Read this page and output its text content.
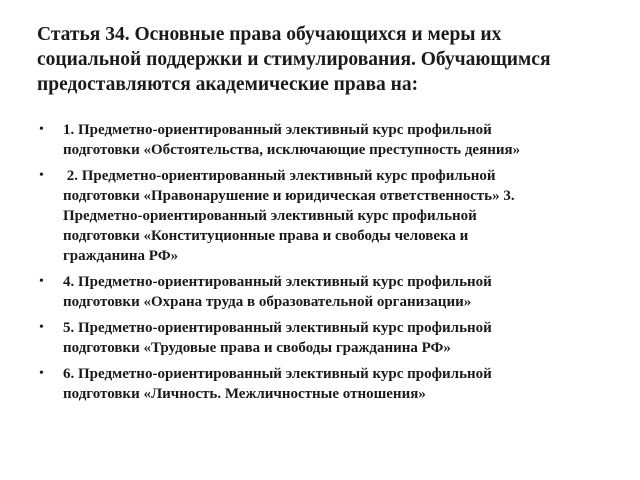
Статья 34. Основные права обучающихся и меры их
социальной поддержки и стимулирования. Обучающимся
предоставляются академические права на:
• 1. Предметно-ориентированный элективный курс профильной
подготовки «Обстоятельства, исключающие преступность деяния»
• 2. Предметно-ориентированный элективный курс профильной
подготовки «Правонарушение и юридическая ответственность» 3.
Предметно-ориентированный элективный курс профильной
подготовки «Конституционные права и свободы человека и
гражданина РФ»
• 4. Предметно-ориентированный элективный курс профильной
подготовки «Охрана труда в образовательной организации»
• 5. Предметно-ориентированный элективный курс профильной
подготовки «Трудовые права и свободы гражданина РФ»
• 6. Предметно-ориентированный элективный курс профильной
подготовки «Личность. Межличностные отношения»
